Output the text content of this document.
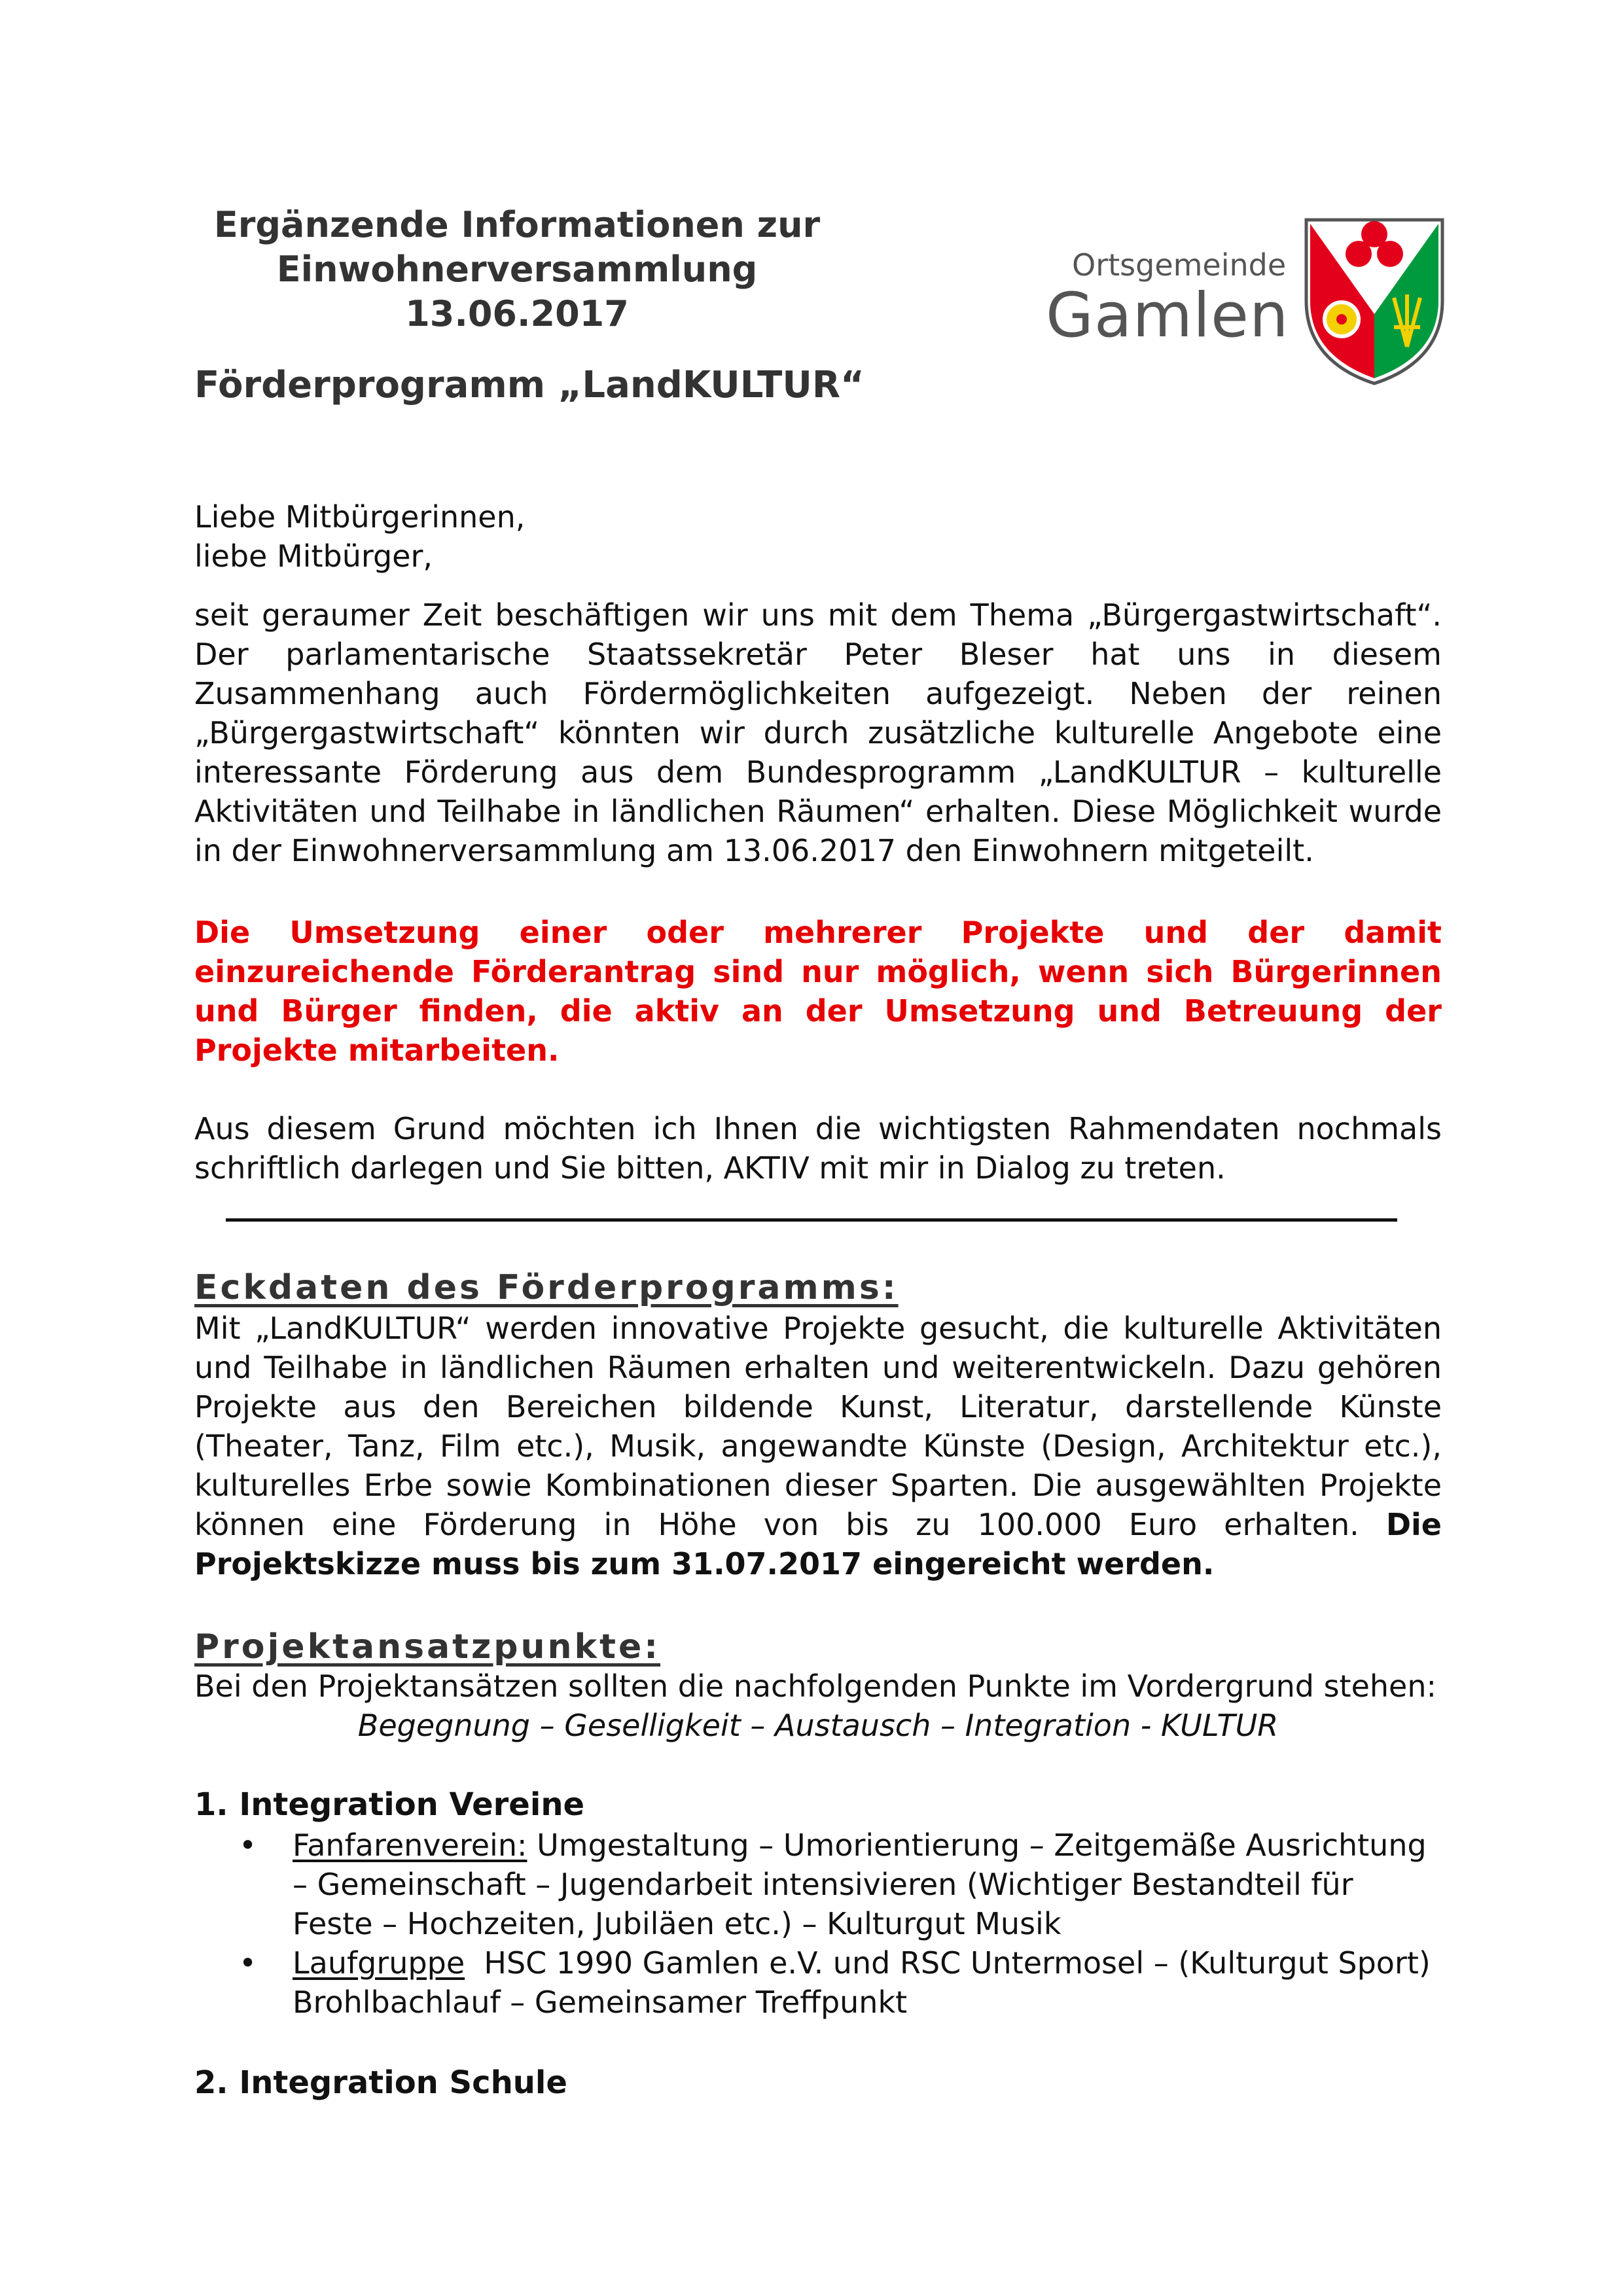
Ergänzende Informationen zur
Einwohnerversammlung
13.06.2017
Förderprogramm „LandKULTUR“
Ortsgemeinde
Gamlen
Liebe Mitbürgerinnen,
liebe Mitbürger,
seit geraumer Zeit beschäftigen wir uns mit dem Thema „Bürgergastwirtschaft“. Der parlamentarische Staatssekretär Peter Bleser hat uns in diesem Zusammenhang auch Fördermöglichkeiten aufgezeigt. Neben der reinen „Bürgergastwirtschaft“ könnten wir durch zusätzliche kulturelle Angebote eine interessante Förderung aus dem Bundesprogramm „LandKULTUR – kulturelle Aktivitäten und Teilhabe in ländlichen Räumen“ erhalten. Diese Möglichkeit wurde in der Einwohnerversammlung am 13.06.2017 den Einwohnern mitgeteilt.
Die Umsetzung einer oder mehrerer Projekte und der damit einzureichende Förderantrag sind nur möglich, wenn sich Bürgerinnen und Bürger finden, die aktiv an der Umsetzung und Betreuung der Projekte mitarbeiten.
Aus diesem Grund möchten ich Ihnen die wichtigsten Rahmendaten nochmals schriftlich darlegen und Sie bitten, AKTIV mit mir in Dialog zu treten.
Eckdaten des Förderprogramms:
Mit „LandKULTUR“ werden innovative Projekte gesucht, die kulturelle Aktivitäten und Teilhabe in ländlichen Räumen erhalten und weiterentwickeln. Dazu gehören Projekte aus den Bereichen bildende Kunst, Literatur, darstellende Künste (Theater, Tanz, Film etc.), Musik, angewandte Künste (Design, Architektur etc.), kulturelles Erbe sowie Kombinationen dieser Sparten. Die ausgewählten Projekte können eine Förderung in Höhe von bis zu 100.000 Euro erhalten. Die Projektskizze muss bis zum 31.07.2017 eingereicht werden.
Projektansatzpunkte:
Bei den Projektansätzen sollten die nachfolgenden Punkte im Vordergrund stehen:
Begegnung – Geselligkeit – Austausch – Integration - KULTUR
1. Integration Vereine
• Fanfarenverein: Umgestaltung – Umorientierung – Zeitgemäße Ausrichtung – Gemeinschaft – Jugendarbeit intensivieren (Wichtiger Bestandteil für Feste – Hochzeiten, Jubiläen etc.) – Kulturgut Musik
• Laufgruppe  HSC 1990 Gamlen e.V. und RSC Untermosel – (Kulturgut Sport) Brohlbachlauf – Gemeinsamer Treffpunkt
2. Integration Schule
